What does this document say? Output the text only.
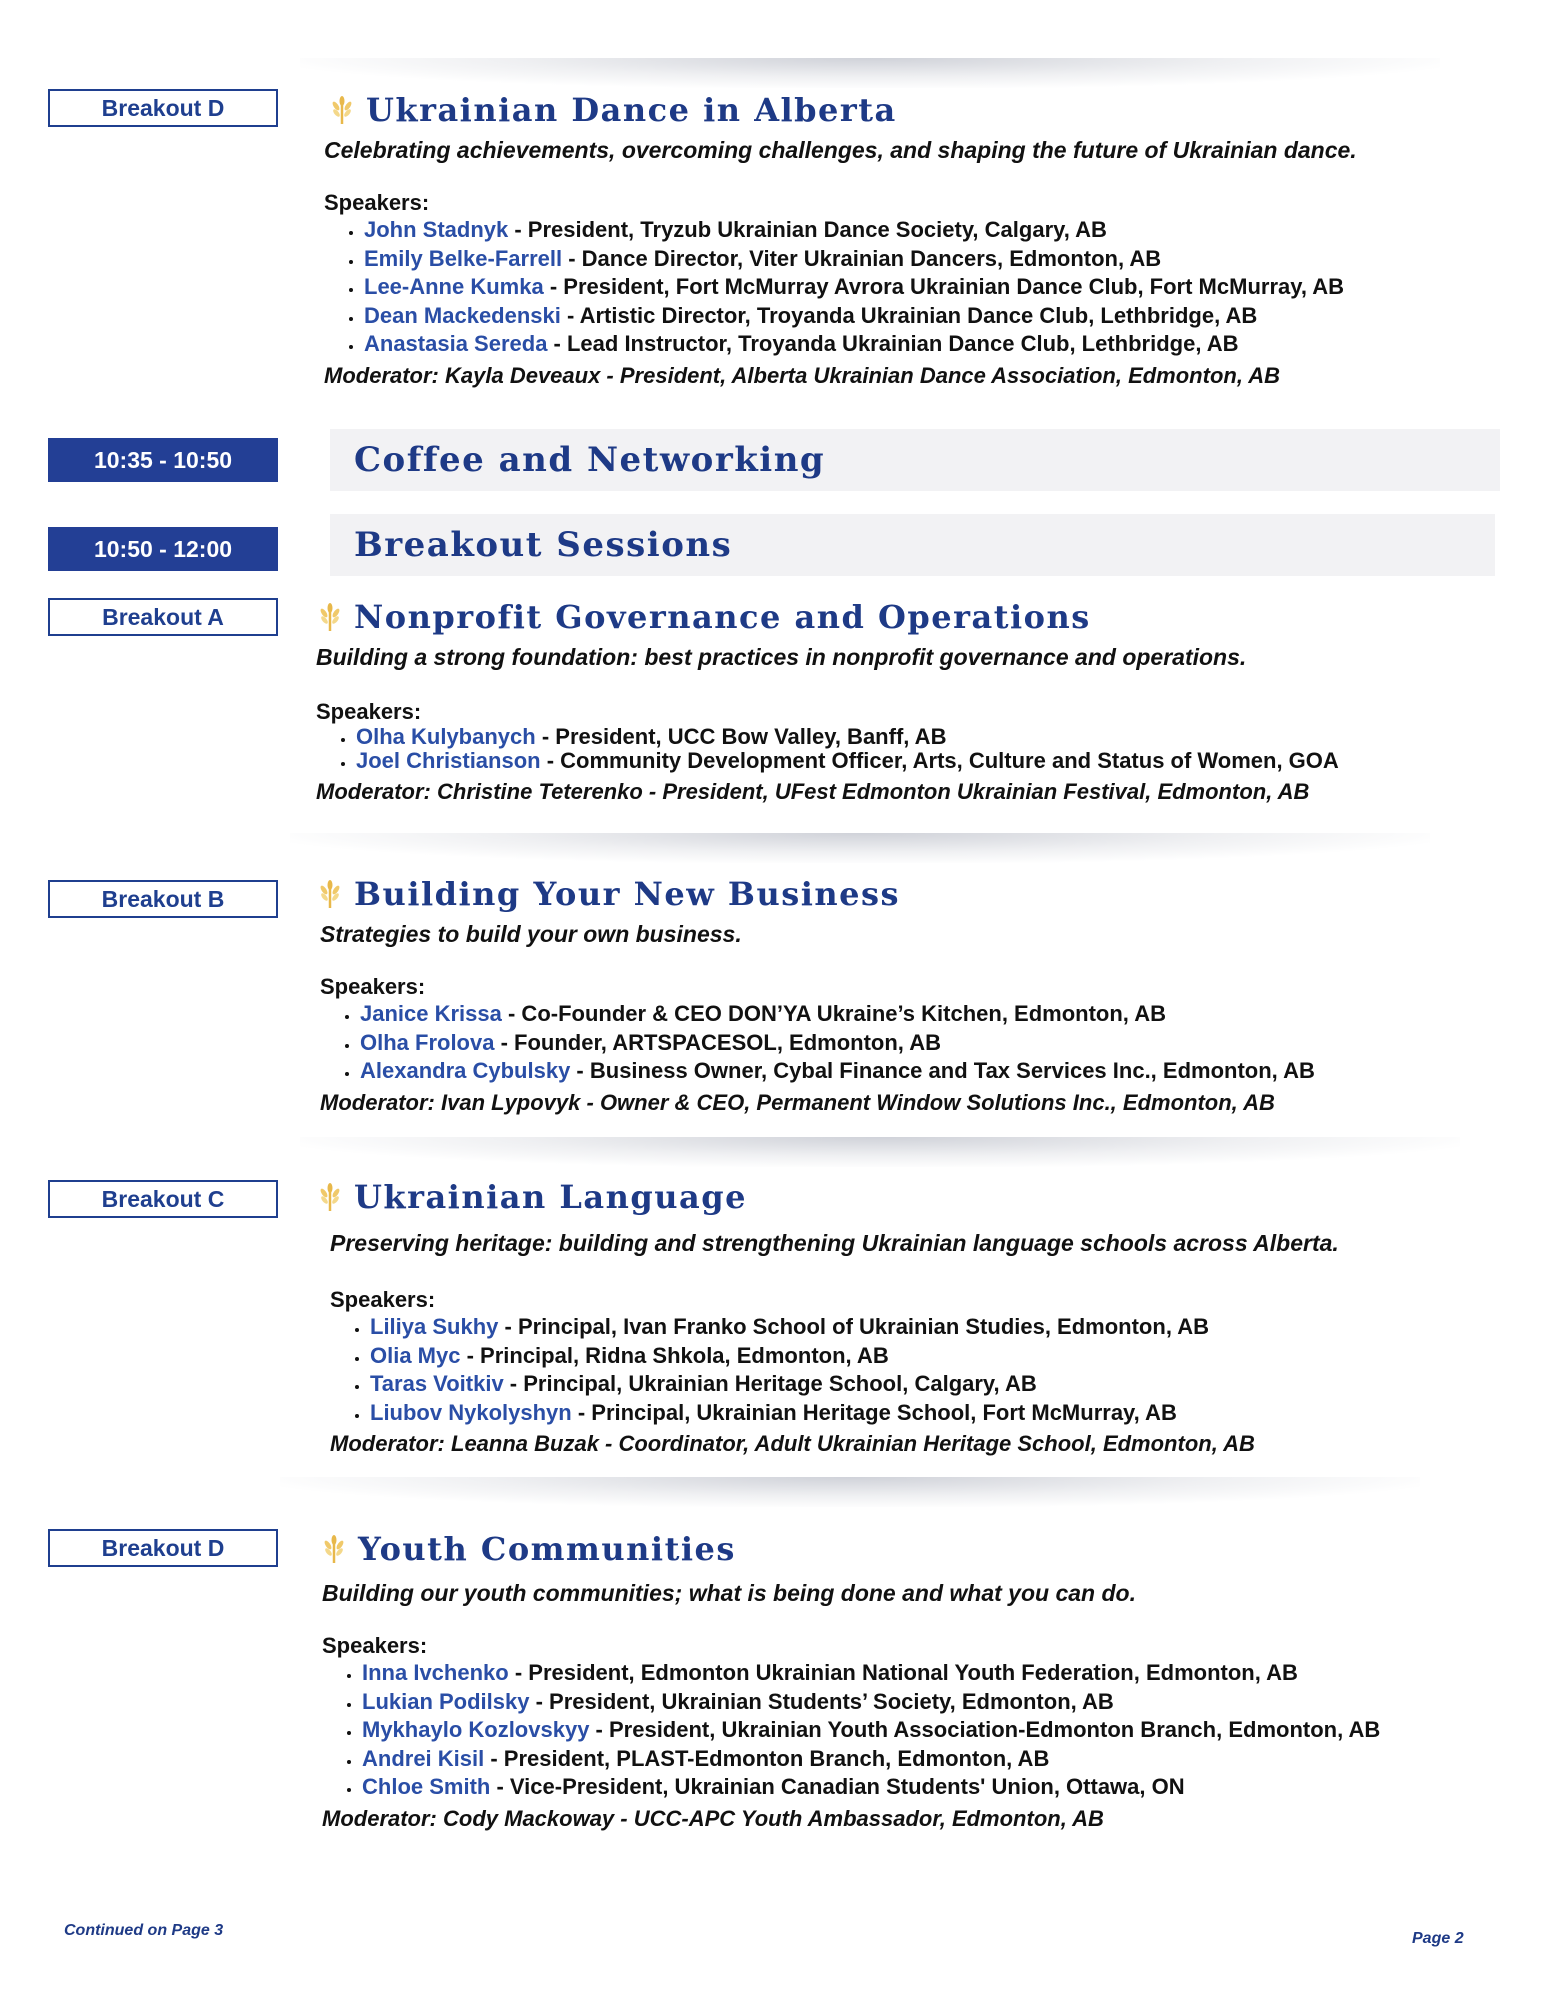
Breakout D	Ukrainian Dance in Alberta
Celebrating achievements, overcoming challenges, and shaping the future of Ukrainian dance.
Speakers:
• John Stadnyk - President, Tryzub Ukrainian Dance Society, Calgary, AB
• Emily Belke-Farrell - Dance Director, Viter Ukrainian Dancers, Edmonton, AB
• Lee-Anne Kumka - President, Fort McMurray Avrora Ukrainian Dance Club, Fort McMurray, AB
• Dean Mackedenski - Artistic Director, Troyanda Ukrainian Dance Club, Lethbridge, AB
• Anastasia Sereda - Lead Instructor, Troyanda Ukrainian Dance Club, Lethbridge, AB
Moderator: Kayla Deveaux - President, Alberta Ukrainian Dance Association, Edmonton, AB
10:35 - 10:50	Coffee and Networking
10:50 - 12:00	Breakout Sessions
Breakout A	Nonprofit Governance and Operations
Building a strong foundation: best practices in nonprofit governance and operations.
Speakers:
• Olha Kulybanych - President, UCC Bow Valley, Banff, AB
• Joel Christianson - Community Development Officer, Arts, Culture and Status of Women, GOA
Moderator: Christine Teterenko - President, UFest Edmonton Ukrainian Festival, Edmonton, AB
Breakout B	Building Your New Business
Strategies to build your own business.
Speakers:
• Janice Krissa - Co-Founder & CEO DON’YA Ukraine’s Kitchen, Edmonton, AB
• Olha Frolova - Founder, ARTSPACESOL, Edmonton, AB
• Alexandra Cybulsky - Business Owner, Cybal Finance and Tax Services Inc., Edmonton, AB
Moderator: Ivan Lypovyk - Owner & CEO, Permanent Window Solutions Inc., Edmonton, AB
Breakout C	Ukrainian Language
Preserving heritage: building and strengthening Ukrainian language schools across Alberta.
Speakers:
• Liliya Sukhy - Principal, Ivan Franko School of Ukrainian Studies, Edmonton, AB
• Olia Myc - Principal, Ridna Shkola, Edmonton, AB
• Taras Voitkiv - Principal, Ukrainian Heritage School, Calgary, AB
• Liubov Nykolyshyn - Principal, Ukrainian Heritage School, Fort McMurray, AB
Moderator: Leanna Buzak - Coordinator, Adult Ukrainian Heritage School, Edmonton, AB
Breakout D	Youth Communities
Building our youth communities; what is being done and what you can do.
Speakers:
• Inna Ivchenko - President, Edmonton Ukrainian National Youth Federation, Edmonton, AB
• Lukian Podilsky - President, Ukrainian Students’ Society, Edmonton, AB
• Mykhaylo Kozlovskyy - President, Ukrainian Youth Association-Edmonton Branch, Edmonton, AB
• Andrei Kisil - President, PLAST-Edmonton Branch, Edmonton, AB
• Chloe Smith - Vice-President, Ukrainian Canadian Students' Union, Ottawa, ON
Moderator: Cody Mackoway - UCC-APC Youth Ambassador, Edmonton, AB
Continued on Page 3	Page 2
